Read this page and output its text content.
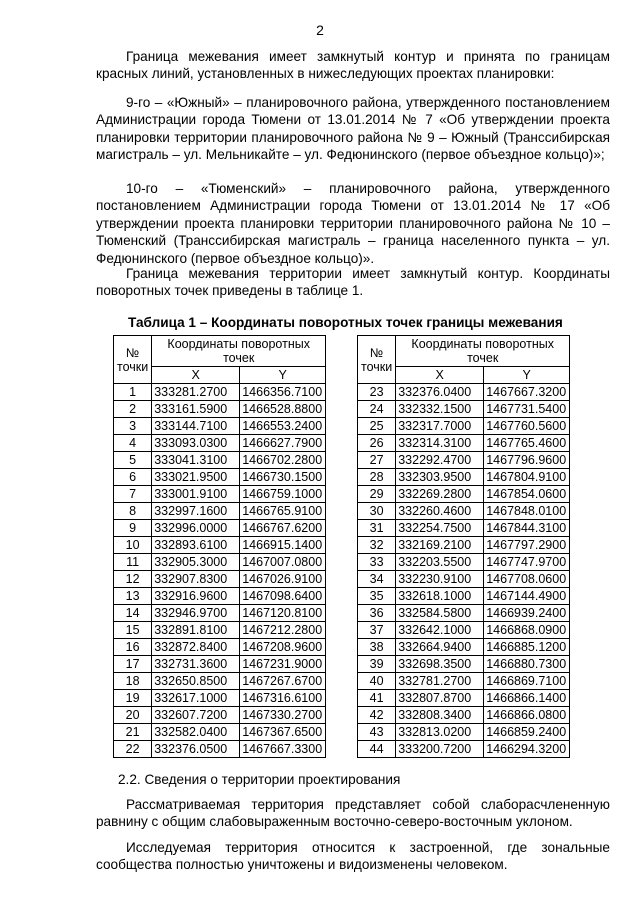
2
Граница межевания имеет замкнутый контур и принята по границам красных линий, установленных в нижеследующих проектах планировки:
9-го – «Южный» – планировочного района, утвержденного постановлением Администрации города Тюмени от 13.01.2014 № 7 «Об утверждении проекта планировки территории планировочного района № 9 – Южный (Транссибирская магистраль – ул. Мельникайте – ул. Федюнинского (первое объездное кольцо)»;
10-го – «Тюменский» – планировочного района, утвержденного постановлением Администрации города Тюмени от 13.01.2014 № 17 «Об утверждении проекта планировки территории планировочного района № 10 – Тюменский (Транссибирская магистраль – граница населенного пункта – ул. Федюнинского (первое объездное кольцо)».
Граница межевания территории имеет замкнутый контур. Координаты поворотных точек приведены в таблице 1.
Таблица 1 – Координаты поворотных точек границы межевания
№ точки	Координаты поворотных точек	
	X	Y
1	333281.2700	1466356.7100
2	333161.5900	1466528.8800
3	333144.7100	1466553.2400
4	333093.0300	1466627.7900
5	333041.3100	1466702.2800
6	333021.9500	1466730.1500
7	333001.9100	1466759.1000
8	332997.1600	1466765.9100
9	332996.0000	1466767.6200
10	332893.6100	1466915.1400
11	332905.3000	1467007.0800
12	332907.8300	1467026.9100
13	332916.9600	1467098.6400
14	332946.9700	1467120.8100
15	332891.8100	1467212.2800
16	332872.8400	1467208.9600
17	332731.3600	1467231.9000
18	332650.8500	1467267.6700
19	332617.1000	1467316.6100
20	332607.7200	1467330.2700
21	332582.0400	1467367.6500
22	332376.0500	1467667.3300
№ точки	Координаты поворотных точек	
	X	Y
23	332376.0400	1467667.3200
24	332332.1500	1467731.5400
25	332317.7000	1467760.5600
26	332314.3100	1467765.4600
27	332292.4700	1467796.9600
28	332303.9500	1467804.9100
29	332269.2800	1467854.0600
30	332260.4600	1467848.0100
31	332254.7500	1467844.3100
32	332169.2100	1467797.2900
33	332203.5500	1467747.9700
34	332230.9100	1467708.0600
35	332618.1000	1467144.4900
36	332584.5800	1466939.2400
37	332642.1000	1466868.0900
38	332664.9400	1466885.1200
39	332698.3500	1466880.7300
40	332781.2700	1466869.7100
41	332807.8700	1466866.1400
42	332808.3400	1466866.0800
43	332813.0200	1466859.2400
44	333200.7200	1466294.3200
2.2. Сведения о территории проектирования
Рассматриваемая территория представляет собой слаборасчлененную равнину с общим слабовыраженным восточно-северо-восточным уклоном.
Исследуемая территория относится к застроенной, где зональные сообщества полностью уничтожены и видоизменены человеком.
